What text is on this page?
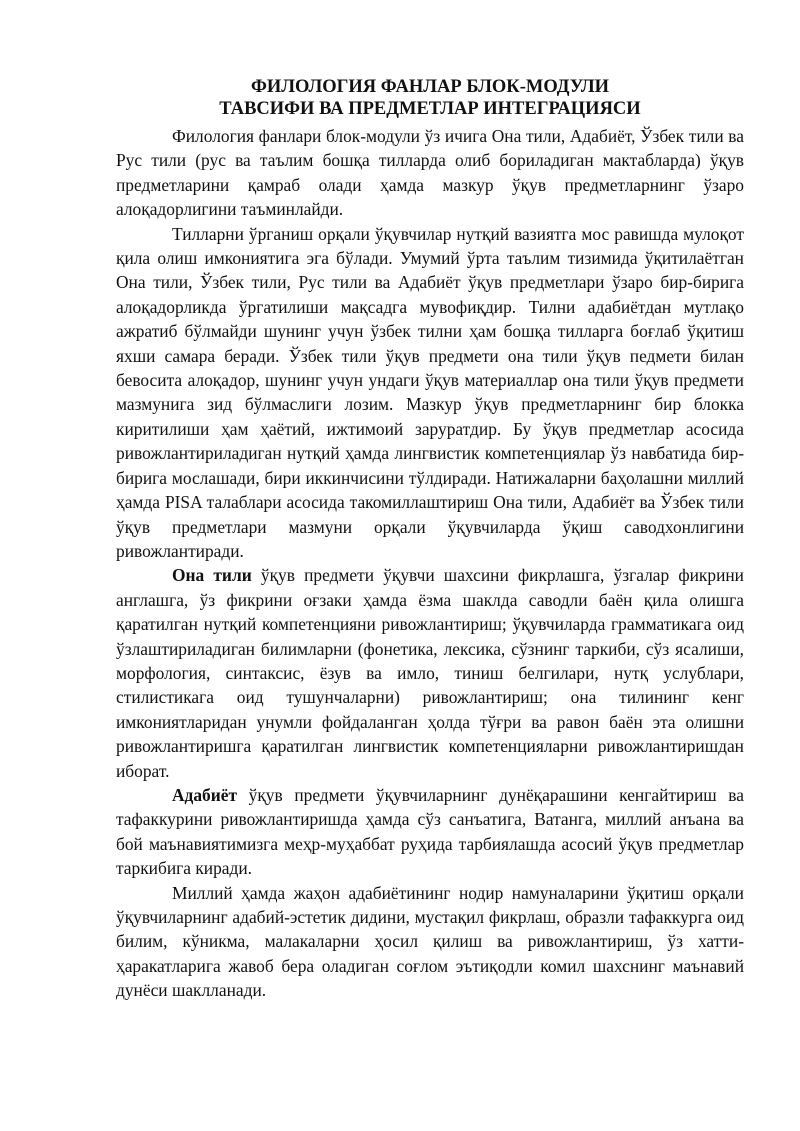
ФИЛОЛОГИЯ ФАНЛАР БЛОК-МОДУЛИ
ТАВСИФИ ВА ПРЕДМЕТЛАР ИНТЕГРАЦИЯСИ

Филология фанлари блок-модули ўз ичига Она тили, Адабиёт, Ўзбек тили ва Рус тили (рус ва таълим бошқа тилларда олиб бориладиган мактабларда) ўқув предметларини қамраб олади ҳамда мазкур ўқув предметларнинг ўзаро алоқадорлигини таъминлайди.

Тилларни ўрганиш орқали ўқувчилар нутқий вазиятга мос равишда мулоқот қила олиш имкониятига эга бўлади. Умумий ўрта таълим тизимида ўқитилаётган Она тили, Ўзбек тили, Рус тили ва Адабиёт ўқув предметлари ўзаро бир-бирига алоқадорликда ўргатилиши мақсадга мувофиқдир. Тилни адабиётдан мутлақо ажратиб бўлмайди шунинг учун ўзбек тилни ҳам бошқа тилларга боғлаб ўқитиш яхши самара беради. Ўзбек тили ўқув предмети она тили ўқув педмети билан бевосита алоқадор, шунинг учун ундаги ўқув материаллар она тили ўқув предмети мазмунига зид бўлмаслиги лозим. Мазкур ўқув предметларнинг бир блокка киритилиши ҳам ҳаётий, ижтимоий заруратдир. Бу ўқув предметлар асосида ривожлантириладиган нутқий ҳамда лингвистик компетенциялар ўз навбатида бир-бирига мослашади, бири иккинчисини тўлдиради. Натижаларни баҳолашни миллий ҳамда PISA талаблари асосида такомиллаштириш Она тили, Адабиёт ва Ўзбек тили ўқув предметлари мазмуни орқали ўқувчиларда ўқиш саводхонлигини ривожлантиради.

Она тили ўқув предмети ўқувчи шахсини фикрлашга, ўзгалар фикрини англашга, ўз фикрини оғзаки ҳамда ёзма шаклда саводли баён қила олишга қаратилган нутқий компетенцияни ривожлантириш; ўқувчиларда грамматикага оид ўзлаштириладиган билимларни (фонетика, лексика, сўзнинг таркиби, сўз ясалиши, морфология, синтаксис, ёзув ва имло, тиниш белгилари, нутқ услублари, стилистикага оид тушунчаларни) ривожлантириш; она тилининг кенг имкониятларидан унумли фойдаланган ҳолда тўғри ва равон баён эта олишни ривожлантиришга қаратилган лингвистик компетенцияларни ривожлантиришдан иборат.

Адабиёт ўқув предмети ўқувчиларнинг дунёқарашини кенгайтириш ва тафаккурини ривожлантиришда ҳамда сўз санъатига, Ватанга, миллий анъана ва бой маънавиятимизга меҳр-муҳаббат руҳида тарбиялашда асосий ўқув предметлар таркибига киради.

Миллий ҳамда жаҳон адабиётининг нодир намуналарини ўқитиш орқали ўқувчиларнинг адабий-эстетик дидини, мустақил фикрлаш, образли тафаккурга оид билим, кўникма, малакаларни ҳосил қилиш ва ривожлантириш, ўз хатти-ҳаракатларига жавоб бера оладиган соғлом эътиқодли комил шахснинг маънавий дунёси шаклланади.
